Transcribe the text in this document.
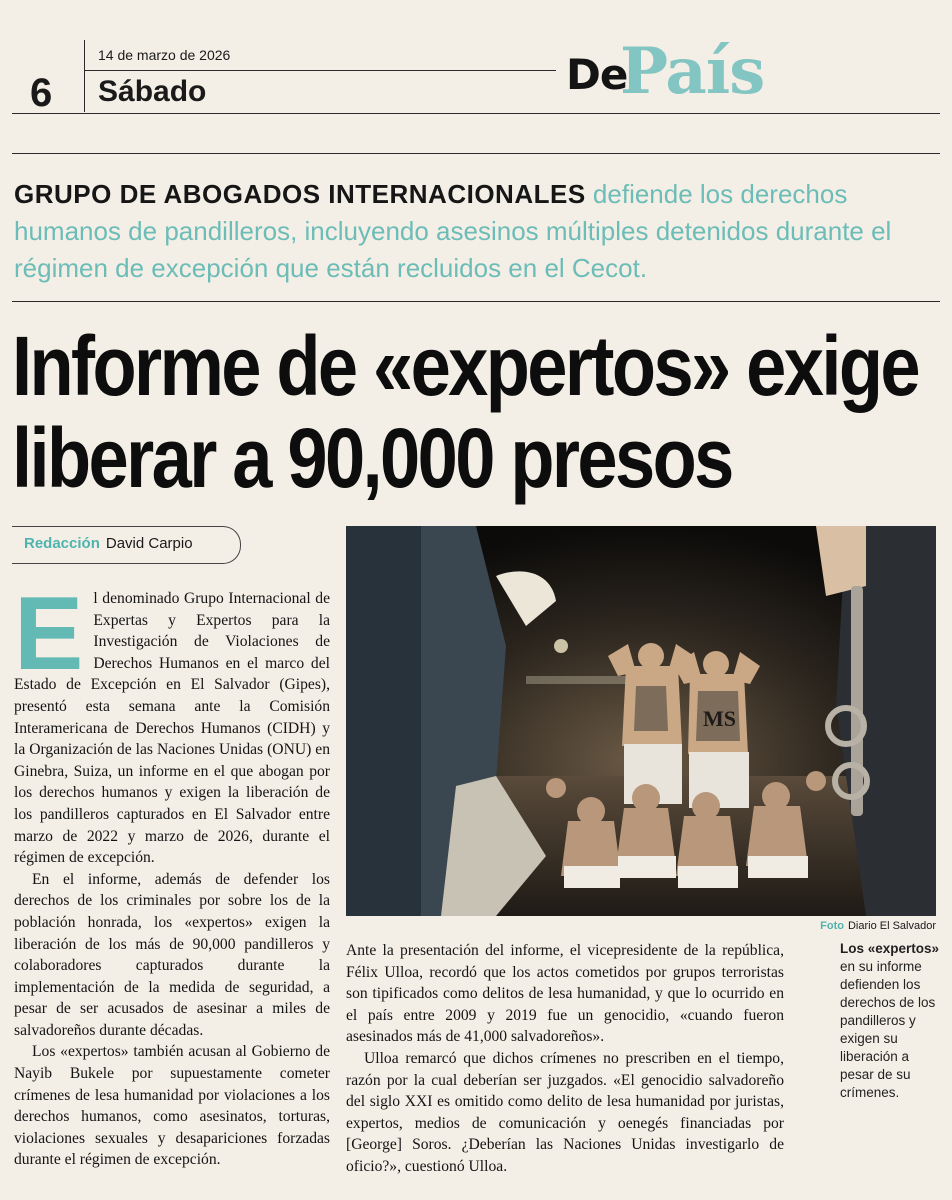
6
14 de marzo de 2026
Sábado	De
País
GRUPO DE ABOGADOS INTERNACIONALES defiende los derechos humanos de pandilleros, incluyendo asesinos múltiples detenidos durante el régimen de excepción que están recluidos en el Cecot.
Informe de «expertos» exige
liberar a 90,000 presos
Redacción David Carpio
MS
Foto Diario El Salvador

El denominado Grupo Internacional de Expertas y Expertos para la Investigación de Violaciones de Derechos Humanos en el marco del Estado de Excepción en El Salvador (Gipes), presentó esta semana ante la Comisión Interamericana de Derechos Humanos (CIDH) y la Organización de las Naciones Unidas (ONU) en Ginebra, Suiza, un informe en el que abogan por los derechos humanos y exigen la liberación de los pandilleros capturados en El Salvador entre marzo de 2022 y marzo de 2026, durante el régimen de excepción.

En el informe, además de defender los derechos de los criminales por sobre los de la población honrada, los «expertos» exigen la liberación de los más de 90,000 pandilleros y colaboradores capturados durante la implementación de la medida de seguridad, a pesar de ser acusados de asesinar a miles de salvadoreños durante décadas.

Los «expertos» también acusan al Gobierno de Nayib Bukele por supuestamente cometer crímenes de lesa humanidad por violaciones a los derechos humanos, como asesinatos, torturas, violaciones sexuales y desapariciones forzadas durante el régimen de excepción.

Ante la presentación del informe, el vicepresidente de la república, Félix Ulloa, recordó que los actos cometidos por grupos terroristas son tipificados como delitos de lesa humanidad, y que lo ocurrido en el país entre 2009 y 2019 fue un genocidio, «cuando fueron asesinados más de 41,000 salvadoreños».

Ulloa remarcó que dichos crímenes no prescriben en el tiempo, razón por la cual deberían ser juzgados. «El genocidio salvadoreño del siglo XXI es omitido como delito de lesa humanidad por juristas, expertos, medios de comunicación y oenegés financiadas por [George] Soros. ¿Deberían las Naciones Unidas investigarlo de oficio?», cuestionó Ulloa.

Los «expertos» en su informe defienden los derechos de los pandilleros y exigen su liberación a pesar de su crímenes.
